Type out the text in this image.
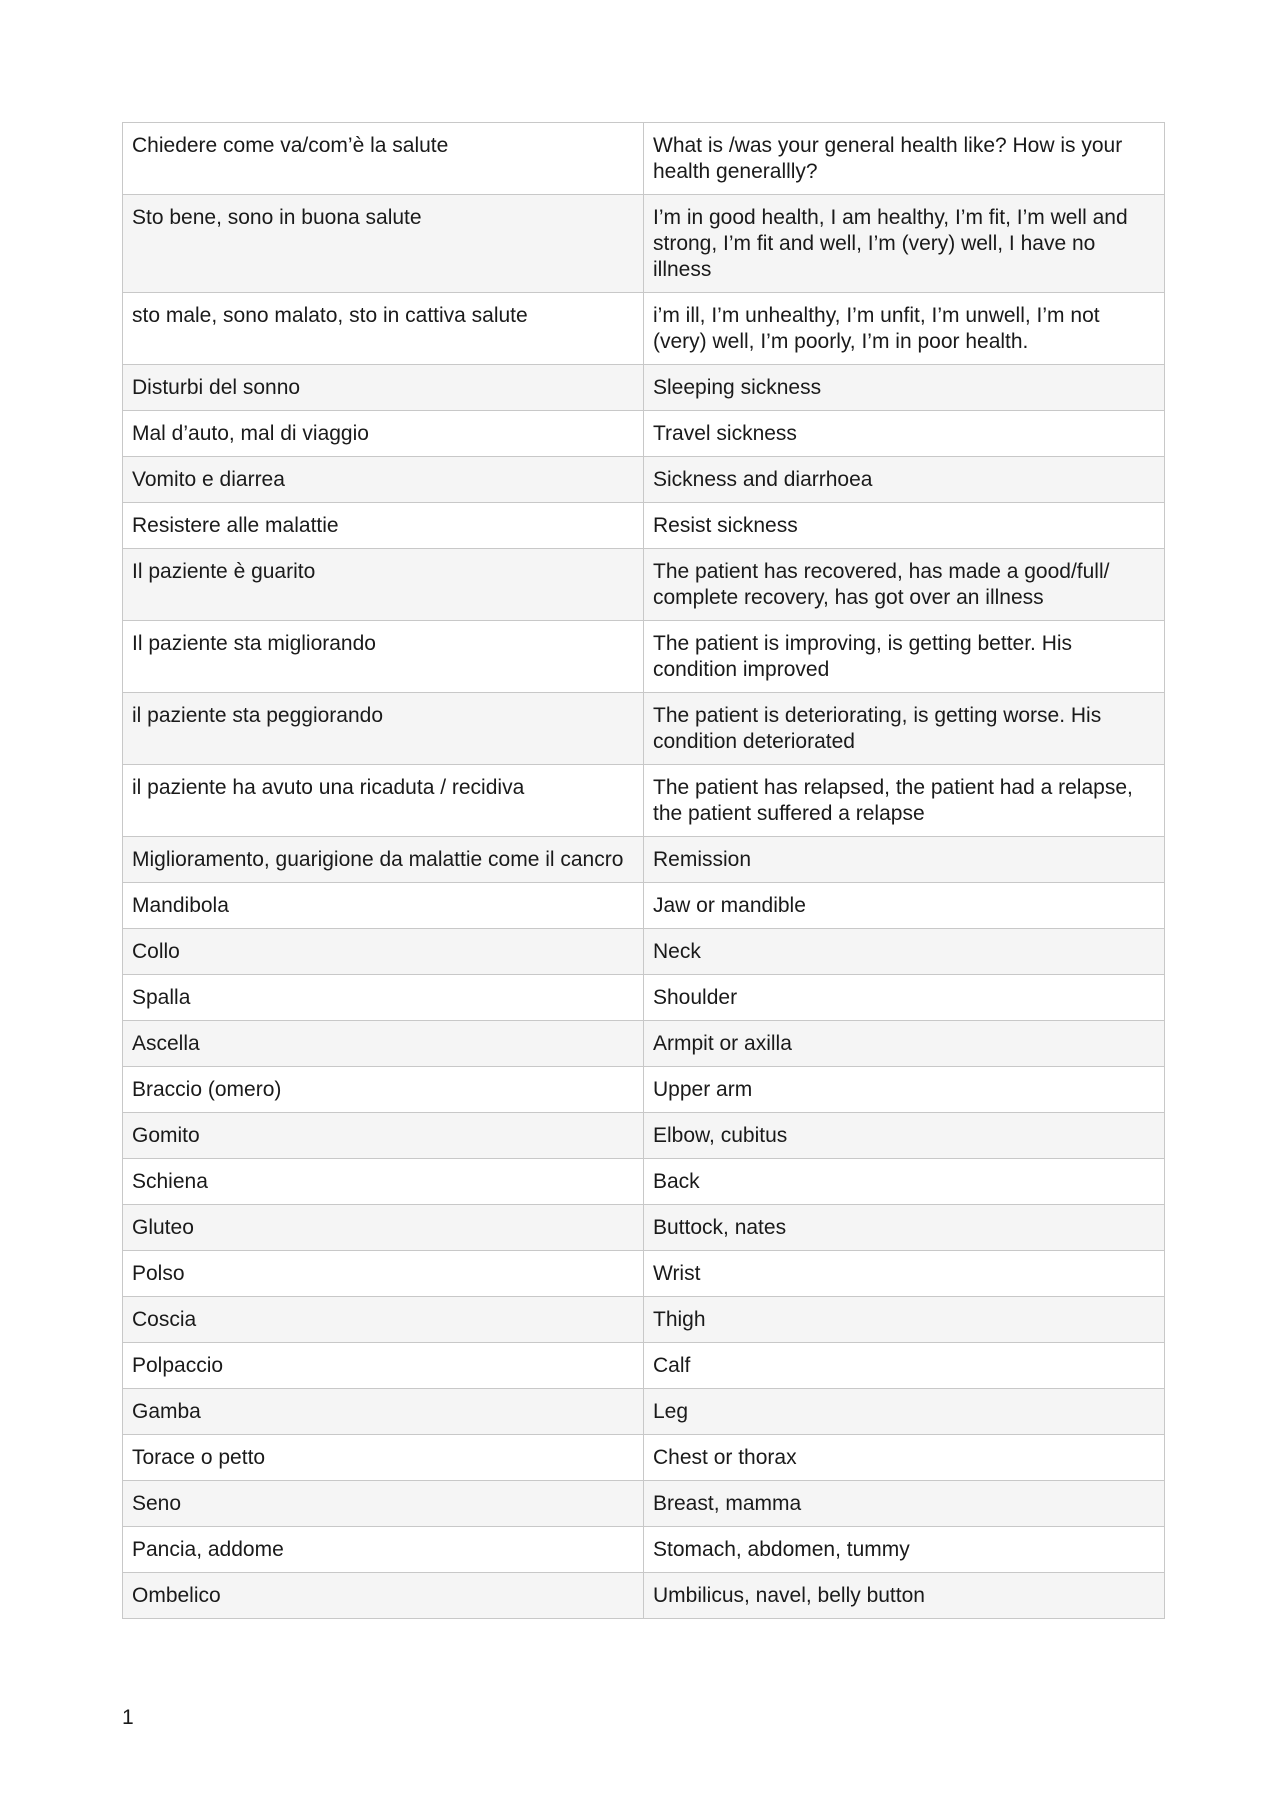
Chiedere come va/com’è la salute	What is /was your general health like? How is your health generallly?
Sto bene, sono in buona salute	I’m in good health, I am healthy, I’m fit, I’m well and strong, I’m fit and well, I’m (very) well, I have no illness
sto male, sono malato, sto in cattiva salute	i’m ill, I’m unhealthy, I’m unfit, I’m unwell, I’m not (very) well, I’m poorly, I’m in poor health.
Disturbi del sonno	Sleeping sickness
Mal d’auto, mal di viaggio	Travel sickness
Vomito e diarrea	Sickness and diarrhoea
Resistere alle malattie	Resist sickness
Il paziente è guarito	The patient has recovered, has made a good/full/ complete recovery, has got over an illness
Il paziente sta migliorando	The patient is improving, is getting better. His condition improved
il paziente sta peggiorando	The patient is deteriorating, is getting worse. His condition deteriorated
il paziente ha avuto una ricaduta / recidiva	The patient has relapsed, the patient had a relapse, the patient suffered a relapse
Miglioramento, guarigione da malattie come il cancro	Remission
Mandibola	Jaw or mandible
Collo	Neck
Spalla	Shoulder
Ascella	Armpit or axilla
Braccio (omero)	Upper arm
Gomito	Elbow, cubitus
Schiena	Back
Gluteo	Buttock, nates
Polso	Wrist
Coscia	Thigh
Polpaccio	Calf
Gamba	Leg
Torace o petto	Chest or thorax
Seno	Breast, mamma
Pancia, addome	Stomach, abdomen, tummy
Ombelico	Umbilicus, navel, belly button
1
